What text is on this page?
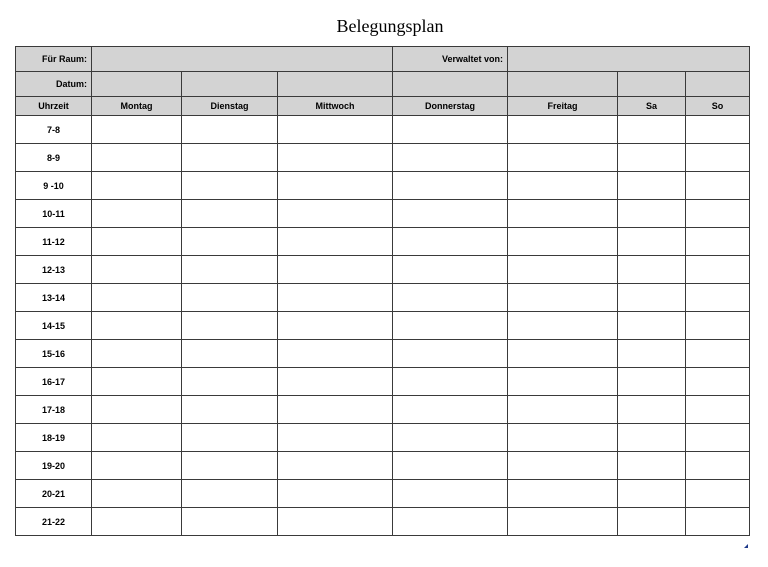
Belegungsplan
Für Raum:				Verwaltet von:			
Datum:							
Uhrzeit	Montag	Dienstag	Mittwoch	Donnerstag	Freitag	Sa	So
7-8							
8-9							
9 -10							
10-11							
11-12							
12-13							
13-14							
14-15							
15-16							
16-17							
17-18							
18-19							
19-20							
20-21							
21-22							
